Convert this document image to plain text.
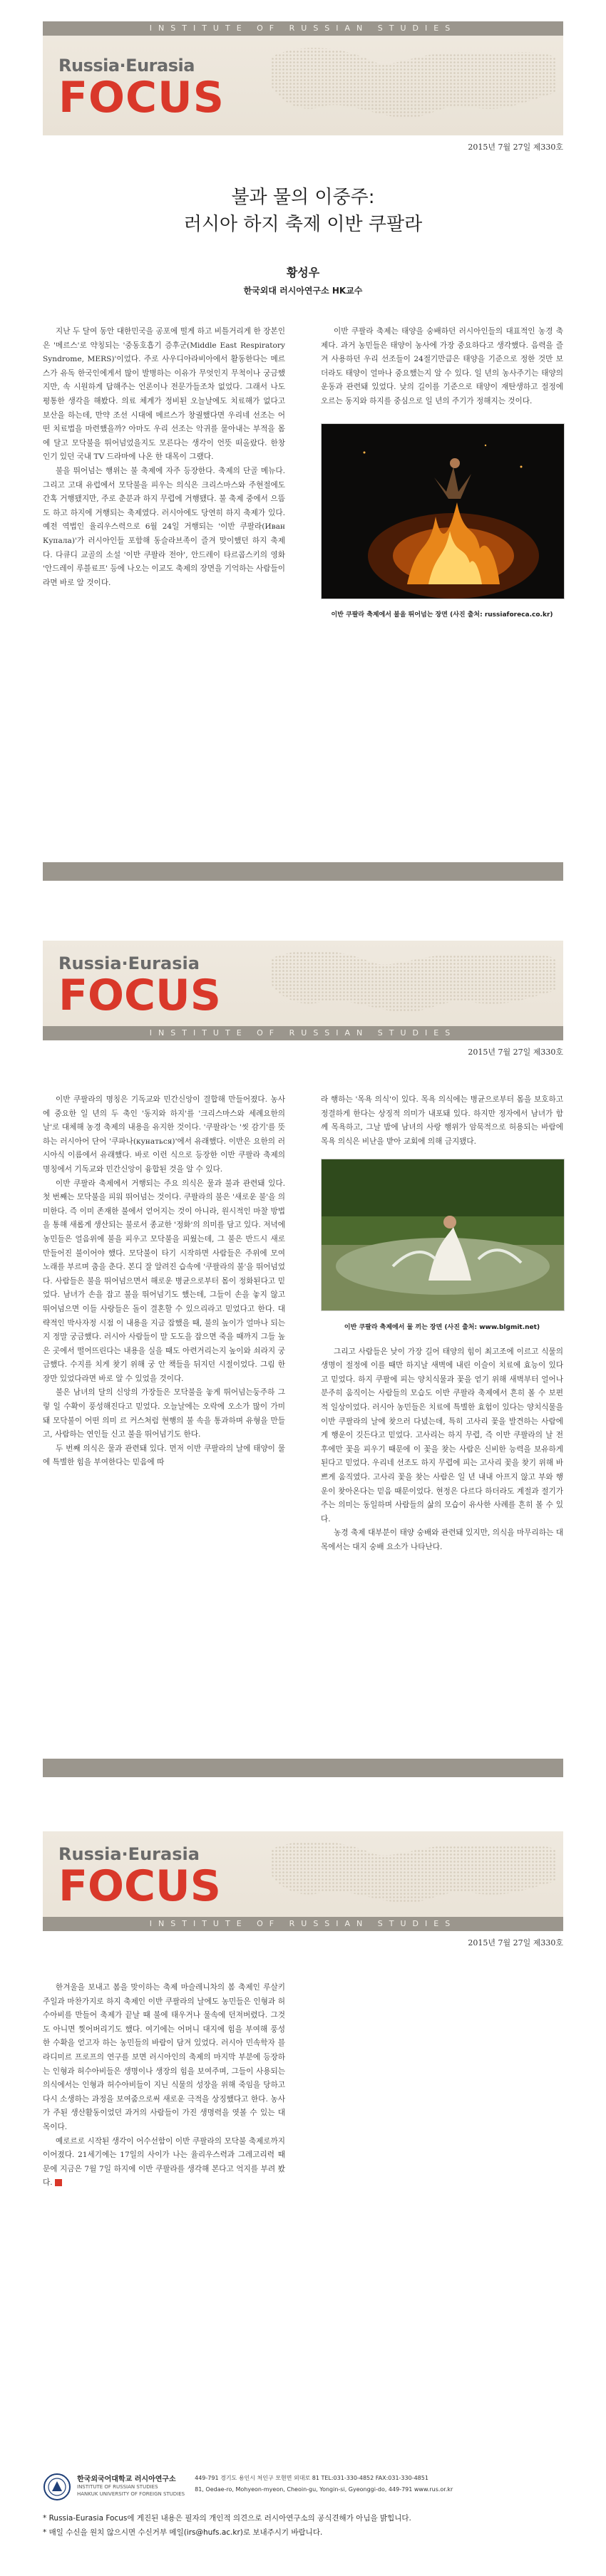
INSTITUTE OF RUSSIAN STUDIES
Russia·Eurasia
FOCUS
2015년 7월 27일 제330호
불과 물의 이중주:
러시아 하지 축제 이반 쿠팔라
황성우
한국외대 러시아연구소 HK교수

지난 두 달여 동안 대한민국을 공포에 떨게 하고 비틀거리게 한 장본인은 '메르스'로 약칭되는 '중동호흡기 증후군(Middle East Respiratory Syndrome, MERS)'이었다. 주로 사우디아라비아에서 활동한다는 메르스가 유독 한국인에게서 많이 발병하는 이유가 무엇인지 무척이나 궁금했지만, 속 시원하게 답해주는 언론이나 전문가들조차 없었다. 그래서 나도 평통한 생각을 해봤다. 의료 체계가 정비된 오늘날에도 치료해가 없다고 보산을 하는데, 만약 조선 시대에 메르스가 창궐했다면 우리네 선조는 어떤 치료법을 마련했을까? 아마도 우리 선조는 악귀를 물아내는 부적을 몸에 달고 모닥불을 뛰어넘었을지도 모른다는 생각이 언뜻 떠올랐다. 한창 인기 있던 국내 TV 드라마에 나온 한 대목이 그랬다.

불을 뛰어넘는 행위는 불 축제에 자주 등장한다. 축제의 단골 메뉴다. 그리고 고대 유럽에서 모닥불을 피우는 의식은 크리스마스와 주현절에도 간혹 거행됐지만, 주로 춘분과 하지 무렵에 거행됐다. 불 축제 중에서 으뜸도 하고 하지에 거행되는 축제였다. 러시아에도 당연히 하지 축제가 있다. 예전 역법인 율리우스력으로 6월 24일 거행되는 '이반 쿠팔라(Иван Купала)'가 러시아인들 포함해 동슬라브족이 즐겨 맞이했던 하지 축제다. 다큐디 교골의 소설 '이반 쿠팔라 전야', 안드레이 타르콥스키의 영화 '안드레이 루블료프' 등에 나오는 이교도 축제의 장면을 기억하는 사람들이라면 바로 알 것이다.

이반 쿠팔라 축제는 태양을 숭배하던 러시아인들의 대표적인 농경 축제다. 과거 농민들은 태양이 농사에 가장 중요하다고 생각했다. 음력을 즐겨 사용하던 우리 선조들이 24절기만큼은 태양을 기준으로 정한 것만 보더라도 태양이 얼마나 중요했는지 알 수 있다. 일 년의 농사주기는 태양의 운동과 관련돼 있었다. 낮의 길이를 기준으로 태양이 재탄생하고 절정에 오르는 동지와 하지를 중심으로 일 년의 주기가 정해지는 것이다.

이반 쿠팔라 축제에서 불을 뛰어넘는 장면 (사진 출처: russiaforeca.co.kr)
Russia·Eurasia
FOCUS
INSTITUTE OF RUSSIAN STUDIES
2015년 7월 27일 제330호

이반 쿠팔라의 명칭은 기독교와 민간신앙이 결합해 만들어졌다. 농사에 중요한 일 년의 두 축인 '동지와 하지'를 '크리스마스와 세례요한의 날'로 대체해 농경 축제의 내용을 유지한 것이다. '쿠팔라'는 '씻 감기'를 뜻하는 러시아어 단어 '쿠파나(кунаться)'에서 유래했다. 이반은 요한의 러시아식 이름에서 유래했다. 바로 이런 식으로 등장한 이반 쿠팔라 축제의 명칭에서 기독교와 민간신앙이 융합된 것을 알 수 있다.

이반 쿠팔라 축제에서 거행되는 주요 의식은 물과 불과 관련돼 있다. 첫 번째는 모닥불을 피워 뛰어넘는 것이다. 쿠팔라의 불은 '새로운 불'을 의미한다. 즉 이미 존재한 불에서 얻어지는 것이 아니라, 원시적인 마찰 방법을 통해 새롭게 생산되는 불로서 종교한 '정화'의 의미를 담고 있다. 저녁에 농민들은 얼음위에 불을 피우고 모닥불을 피웠는데, 그 불은 반드시 새로 만들어진 불이어야 했다. 모닥불이 타기 시작하면 사람들은 주위에 모여 노래를 부르며 춤을 춘다. 본디 잘 알려진 습속에 '쿠팔라의 불'을 뛰어넘었다. 사람들은 불을 뛰어넘으면서 해로운 병균으로부터 몸이 정화된다고 믿었다. 남녀가 손을 잡고 불을 뛰어넘기도 했는데, 그들이 손을 놓지 않고 뛰어넘으면 이들 사랑들은 돌이 결혼할 수 있으리라고 믿었다고 한다. 대략적인 박사자정 시점 이 내용을 지금 잡했을 때, 불의 높이가 얼마나 되는지 정말 궁금했다. 러시아 사람들이 말 도도을 잡으면 죽을 때까지 그들 높은 곳에서 떨어뜨린다는 내용을 실을 때도 아련거리는지 높이와 쇠라지 궁금했다. 수지를 치게 찾기 위해 궁 안 책들을 뒤지던 시절이었다. 그림 한 장만 있었다라면 바로 알 수 있었을 것이다.

불은 남녀의 달의 신앙의 가장들은 모닥불을 놓게 뛰어넘는둥주하 그렇 일 수확이 풍성해진다고 믿었다. 오늘날에는 오락에 오소가 많이 가미돼 모닥불이 어떤 의미 르 커스처럼 현행의 불 속을 통과하며 유형을 만들고, 사람하는 연인들 신고 불을 뛰어넘기도 한다.

두 번째 의식은 물과 관련돼 있다. 먼저 이반 쿠팔라의 날에 태양이 물에 특별한 힘을 부여한다는 믿음에 따

라 행하는 '목욕 의식'이 있다. 목욕 의식에는 병균으로부터 몸을 보호하고 정결하게 한다는 상징적 의미가 내포돼 있다. 하지만 정자에서 남녀가 함께 목욕하고, 그날 밤에 남녀의 사랑 행위가 암묵적으로 허용되는 바람에 목욕 의식은 비난을 받아 교회에 의해 금지됐다.

이반 쿠팔라 축제에서 물 끼는 장면 (사진 출처: www.blgmit.net)

그리고 사람들은 낮이 가장 길어 태양의 힘이 최고조에 이르고 식물의 생명이 절정에 이를 때만 하지날 새벽에 내린 이슬이 치료에 효능이 있다고 믿었다. 하지 쿠팔에 피는 양치식물과 꽃을 얻기 위해 새벽부터 얼어나 분주히 움직이는 사람들의 모습도 이반 쿠팔라 축제에서 흔히 볼 수 보편적 일상이었다. 러시아 농민들은 치료에 특별한 효험이 있다는 양치식물을 이반 쿠팔라의 날에 찾으러 다녔는데, 특히 고사리 꽃을 발견하는 사람에게 행운이 깃든다고 믿었다. 고사리는 하지 무렵, 즉 이반 쿠팔라의 날 전후에만 꽃을 피우기 때문에 이 꽃을 찾는 사람은 신비한 능력을 보유하게 된다고 믿었다. 우리네 선조도 하지 무렵에 피는 고사리 꽃을 찾기 위해 바쁘게 움직였다. 고사리 꽃을 찾는 사람은 일 년 내내 아프지 않고 부와 행운이 찾아온다는 믿음 때문이었다. 현정은 다르다 하더라도 계절과 절기가 주는 의미는 동일하며 사람들의 삶의 모습이 유사한 사례를 흔히 볼 수 있다.

농경 축제 대부분이 태양 숭배와 관련돼 있지만, 의식을 마무리하는 대목에서는 대지 숭배 요소가 나타난다.

Russia·Eurasia
FOCUS
INSTITUTE OF RUSSIAN STUDIES
2015년 7월 27일 제330호

한겨울을 보내고 봄을 맞이하는 축제 마슬레니차의 봄 축제인 루살키 주일과 마찬가지로 하지 축제인 이반 쿠팔라의 날에도 농민들은 인형과 허수아비를 만들어 축제가 끝날 때 불에 태우거나 물속에 던져버렸다. 그것도 아니면 찢어버리기도 했다. 여기에는 어머니 대지에 힘을 부여해 풍성한 수확을 얻고자 하는 농민들의 바람이 담겨 있었다. 러시아 민속학자 블라디미르 프로프의 연구를 보면 러시아인의 축제의 마지막 부분에 등장하는 인형과 허수아비들은 생명이나 생장의 힘을 보여주며, 그들이 사용되는 의식에서는 인형과 허수아비들이 지닌 식물의 성장을 위해 죽임을 당하고 다시 소생하는 과정을 보여줌으로써 새로운 극적을 상징했다고 한다. 농사가 주된 생산활동이었던 과거의 사람들이 가진 생명력을 엿볼 수 있는 대목이다.

예로르로 시작된 생각이 어수선함이 이반 쿠팔라의 모닥불 축제로까지 이어졌다. 21세기에는 17일의 사이가 나는 율리우스력과 그레고리력 때문에 지금은 7월 7일 하지에 이반 쿠팔라를 생각해 본다고 억지를 부려 봤다.

한국외국어대학교 러시아연구소
INSTITUTE OF RUSSIAN STUDIES
HANKUK UNIVERSITY OF FOREIGN STUDIES
449-791 경기도 용인시 처인구 모현면 외대로 81 TEL:031-330-4852 FAX:031-330-4851
81, Oedae-ro, Mohyeon-myeon, Cheoin-gu, Yongin-si, Gyeonggi-do, 449-791 www.rus.or.kr
* Russia-Eurasia Focus에 게진된 내용은 필자의 개인적 의견으로 러시아연구소의 공식견해가 아님을 밝힙니다.
* 매일 수신을 원치 않으시면 수신거부 메일(irs@hufs.ac.kr)로 보내주시기 바랍니다.
